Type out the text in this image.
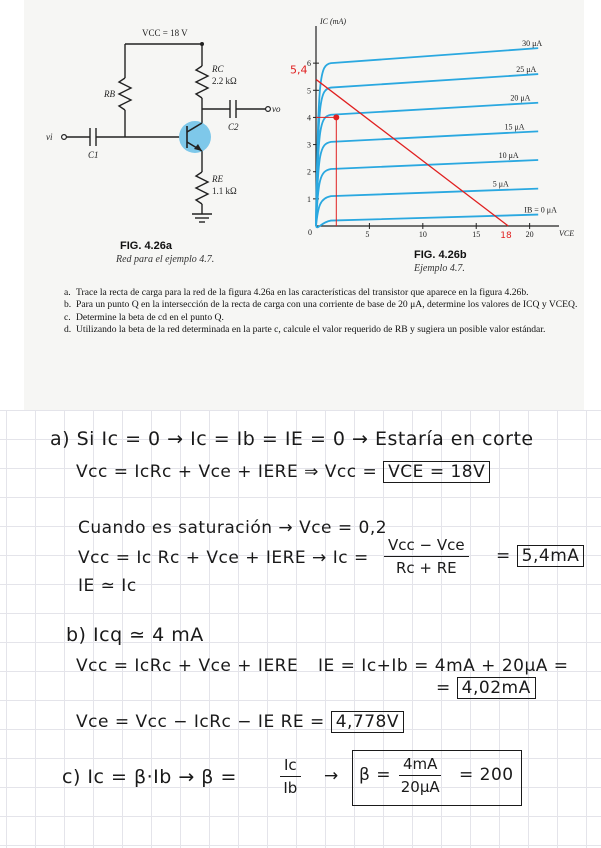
VCC = 18 V
RB
RC
2.2 kΩ
RE
1.1 kΩ
C1
C2
vi
vo
IC (mA)
VCE
0
1
2
3
4
5
6
5	10	15	20
IB = 0 μA
5 μA
10 μA
15 μA
20 μA
25 μA
30 μA
5,4
18
FIG. 4.26a
Red para el ejemplo 4.7.	FIG. 4.26b
Ejemplo 4.7.
a. Trace la recta de carga para la red de la figura 4.26a en las características del transistor que aparece en la figura 4.26b.
b. Para un punto Q en la intersección de la recta de carga con una corriente de base de 20 μA, determine los valores de ICQ y VCEQ.
c. Determine la beta de cd en el punto Q.
d. Utilizando la beta de la red determinada en la parte c, calcule el valor requerido de RB y sugiera un posible valor estándar.
a) Si Ic = 0 → Ic = Ib = IE = 0 → Estaría en corte
Vcc = IcRc + Vce + IERE ⇒ Vcc = VCE = 18V
Cuando es saturación → Vce = 0,2
Vcc = Ic Rc + Vce + IERE → Ic =
Vcc − Vce
Rc + RE
= 5,4mA
IE ≃ Ic
b) Icq ≃ 4 mA
Vcc = IcRc + Vce + IERE IE = Ic+Ib = 4mA + 20μA =
= 4,02mA
Vce = Vcc − IcRc − IE RE = 4,778V
c) Ic = β·Ib → β =	$\frac{Ic}{Ib} \to \beta = \frac{4mA}{20\mu A} = 200$
